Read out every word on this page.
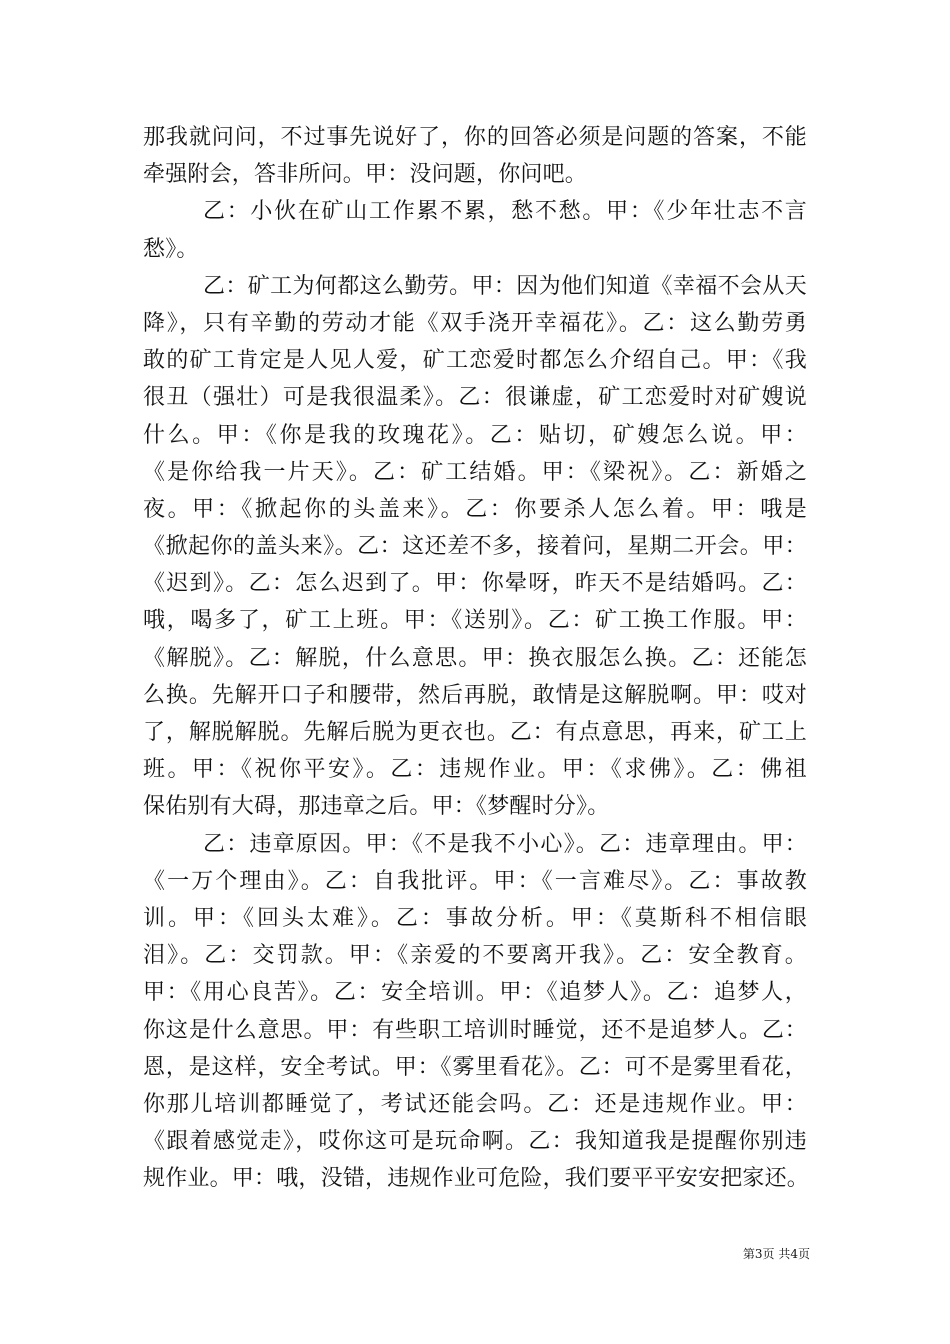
那我就问问，不过事先说好了，你的回答必须是问题的答案，不能
牵强附会，答非所问。甲：没问题，你问吧。
乙：小伙在矿山工作累不累，愁不愁。甲：《少年壮志不言
愁》。
乙：矿工为何都这么勤劳。甲：因为他们知道《幸福不会从天
降》，只有辛勤的劳动才能《双手浇开幸福花》。乙：这么勤劳勇
敢的矿工肯定是人见人爱，矿工恋爱时都怎么介绍自己。甲：《我
很丑（强壮）可是我很温柔》。乙：很谦虚，矿工恋爱时对矿嫂说
什么。甲：《你是我的玫瑰花》。乙：贴切，矿嫂怎么说。甲：
《是你给我一片天》。乙：矿工结婚。甲：《梁祝》。乙：新婚之
夜。甲：《掀起你的头盖来》。乙：你要杀人怎么着。甲：哦是
《掀起你的盖头来》。乙：这还差不多，接着问，星期二开会。甲：
《迟到》。乙：怎么迟到了。甲：你晕呀，昨天不是结婚吗。乙：
哦，喝多了，矿工上班。甲：《送别》。乙：矿工换工作服。甲：
《解脱》。乙：解脱，什么意思。甲：换衣服怎么换。乙：还能怎
么换。先解开口子和腰带，然后再脱，敢情是这解脱啊。甲：哎对
了，解脱解脱。先解后脱为更衣也。乙：有点意思，再来，矿工上
班。甲：《祝你平安》。乙：违规作业。甲：《求佛》。乙：佛祖
保佑别有大碍，那违章之后。甲：《梦醒时分》。
乙：违章原因。甲：《不是我不小心》。乙：违章理由。甲：
《一万个理由》。乙：自我批评。甲：《一言难尽》。乙：事故教
训。甲：《回头太难》。乙：事故分析。甲：《莫斯科不相信眼
泪》。乙：交罚款。甲：《亲爱的不要离开我》。乙：安全教育。
甲：《用心良苦》。乙：安全培训。甲：《追梦人》。乙：追梦人，
你这是什么意思。甲：有些职工培训时睡觉，还不是追梦人。乙：
恩，是这样，安全考试。甲：《雾里看花》。乙：可不是雾里看花，
你那儿培训都睡觉了，考试还能会吗。乙：还是违规作业。甲：
《跟着感觉走》，哎你这可是玩命啊。乙：我知道我是提醒你别违
规作业。甲：哦，没错，违规作业可危险，我们要平平安安把家还。
第3页 共4页
